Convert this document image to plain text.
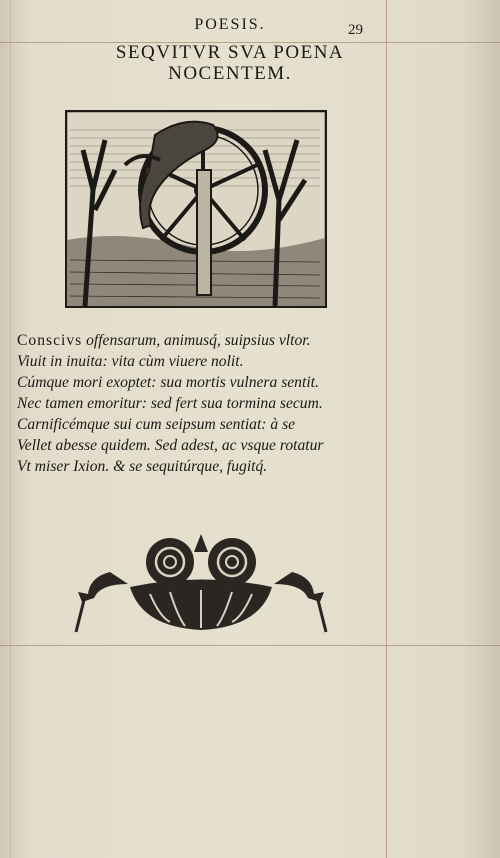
POESIS.	29
SEQVITVR SVA POENA
NOCENTEM.
Conscivs offensarum, animusq́, suipsius vltor.
Viuit in inuita: vita cùm viuere nolit.
Cúmque mori exoptet: sua mortis vulnera sentit.
Nec tamen emoritur: sed fert sua tormina secum.
Carnificémque sui cum seipsum sentiat: à se
Vellet abesse quidem. Sed adest, ac vsque rotatur
Vt miser Ixion. & se sequitúrque, fugitq́.
